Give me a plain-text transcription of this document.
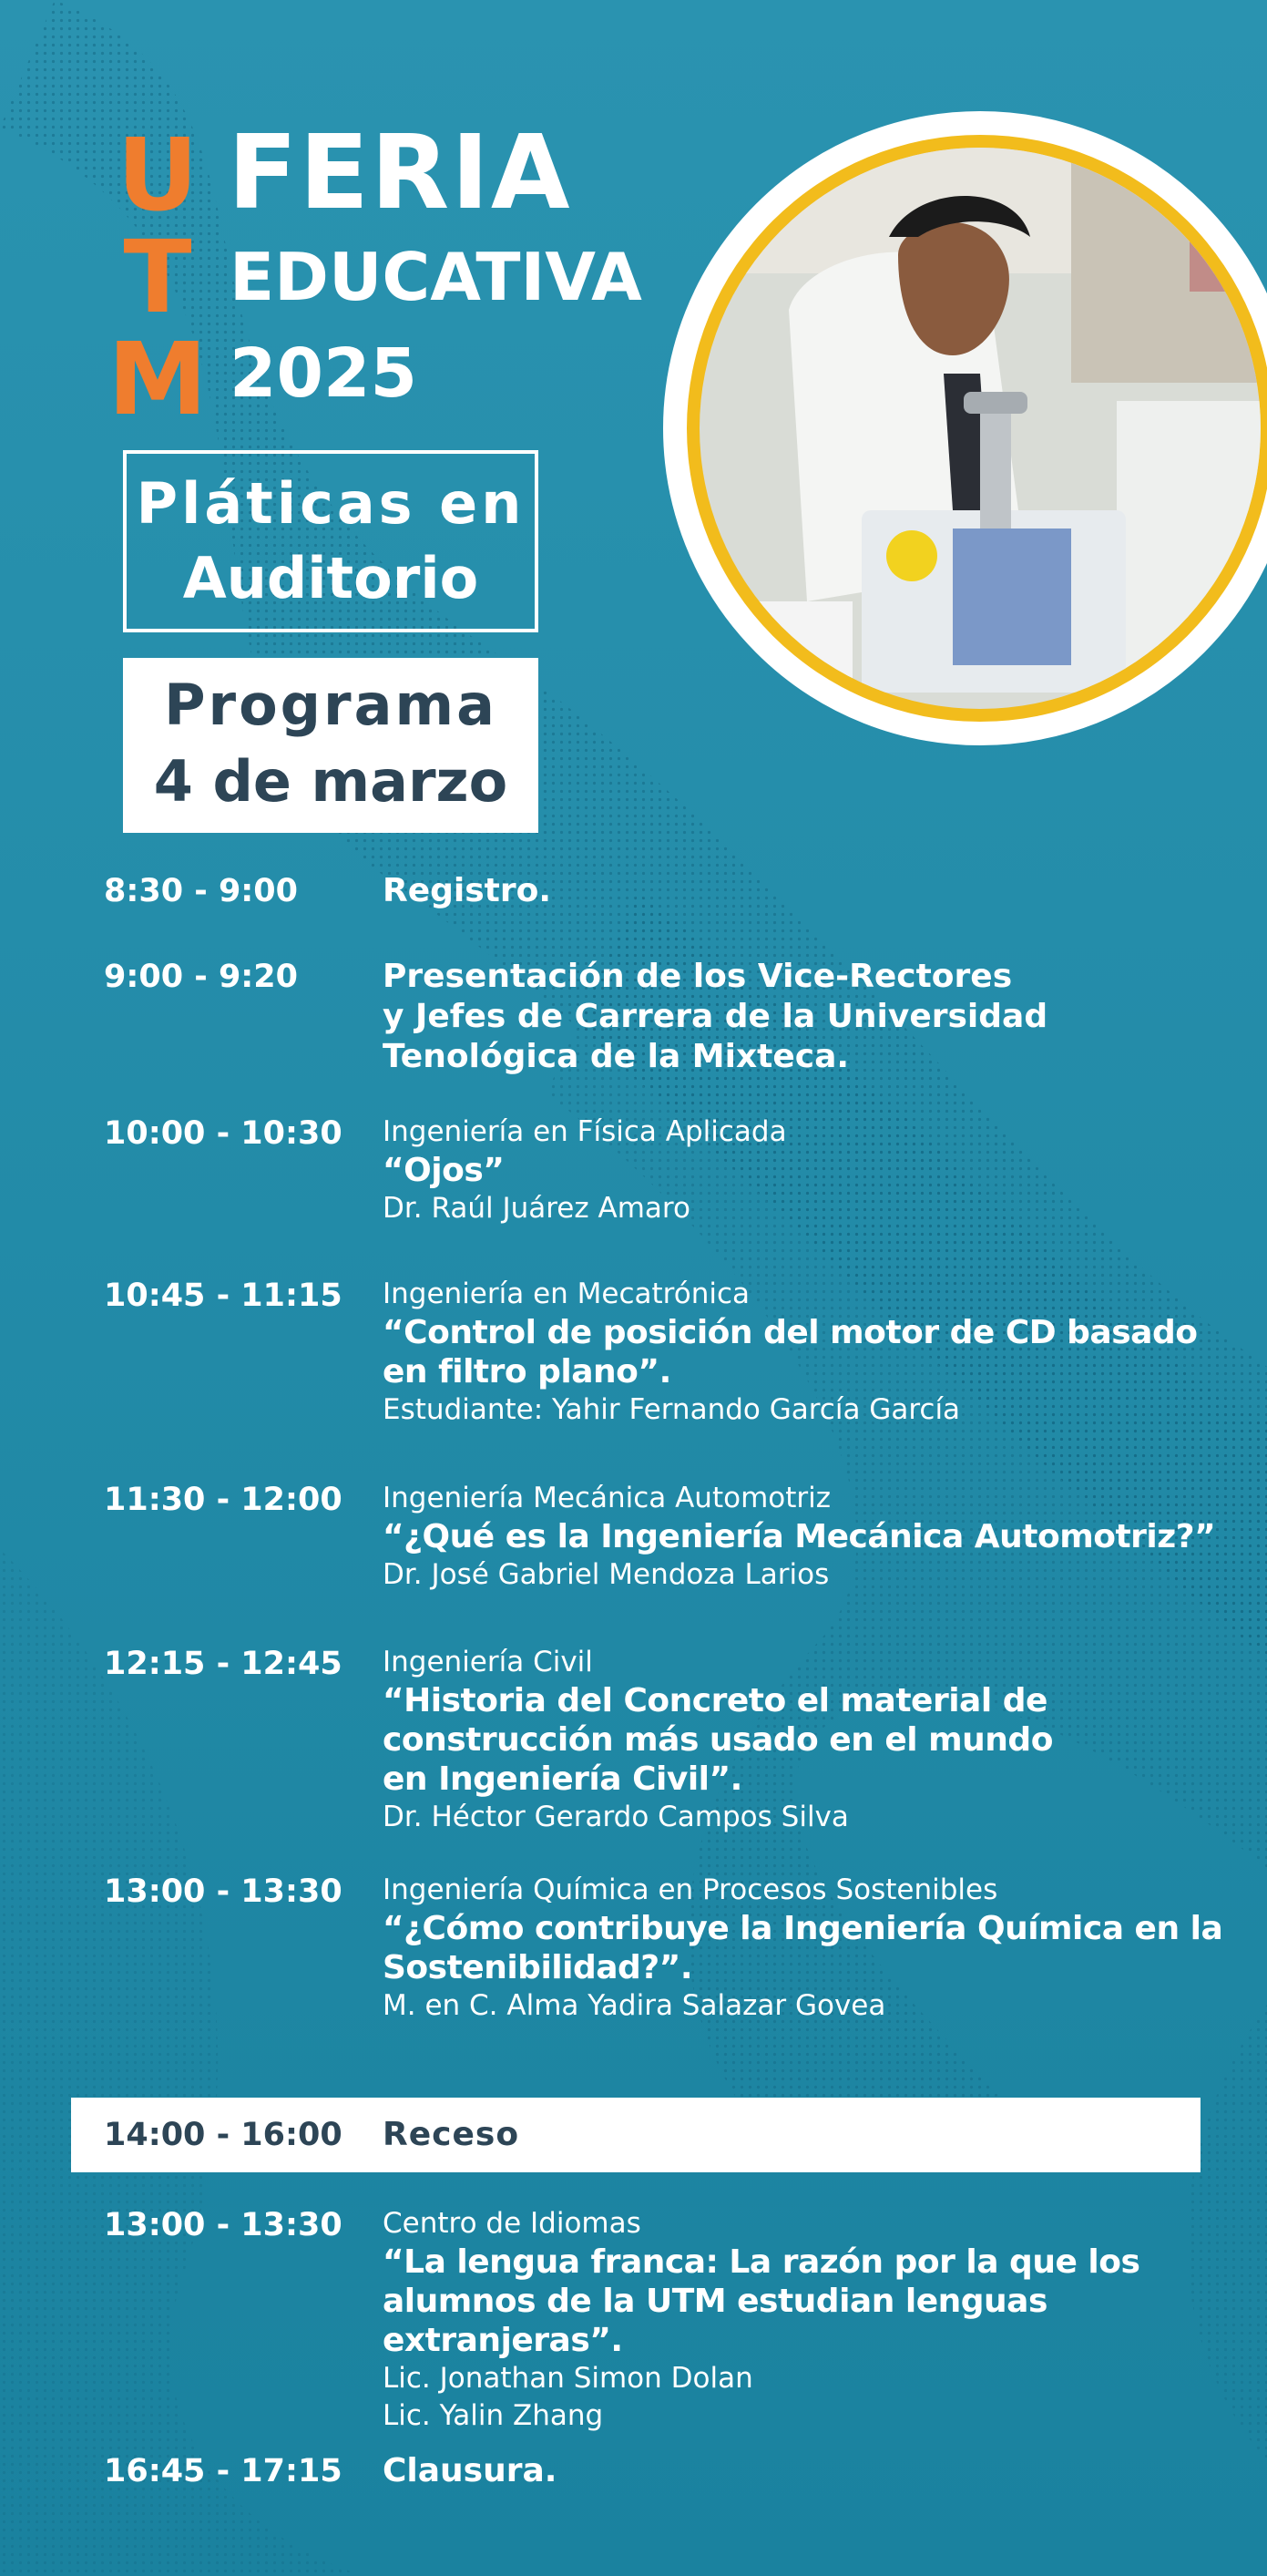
U
T
M
FERIA
EDUCATIVA
2025
Pláticas en
Auditorio
Programa
4 de marzo
8:30 - 9:00	Registro.
9:00 - 9:20	Presentación de los Vice-Rectores
y Jefes de Carrera de la Universidad
Tenológica de la Mixteca.
10:00 - 10:30	Ingeniería en Física Aplicada
“Ojos”
Dr. Raúl Juárez Amaro
10:45 - 11:15	Ingeniería en Mecatrónica
“Control de posición del motor de CD basado
en filtro plano”.
Estudiante: Yahir Fernando García García
11:30 - 12:00	Ingeniería Mecánica Automotriz
“¿Qué es la Ingeniería Mecánica Automotriz?”
Dr. José Gabriel Mendoza Larios
12:15 - 12:45	Ingeniería Civil
“Historia del Concreto el material de
construcción más usado en el mundo
en Ingeniería Civil”.
Dr. Héctor Gerardo Campos Silva
13:00 - 13:30	Ingeniería Química en Procesos Sostenibles
“¿Cómo contribuye la Ingeniería Química en la
Sostenibilidad?”.
M. en C. Alma Yadira Salazar Govea
14:00 - 16:00	Receso
13:00 - 13:30	Centro de Idiomas
“La lengua franca: La razón por la que los
alumnos de la UTM estudian lenguas
extranjeras”.
Lic. Jonathan Simon Dolan
Lic. Yalin Zhang
16:45 - 17:15	Clausura.
